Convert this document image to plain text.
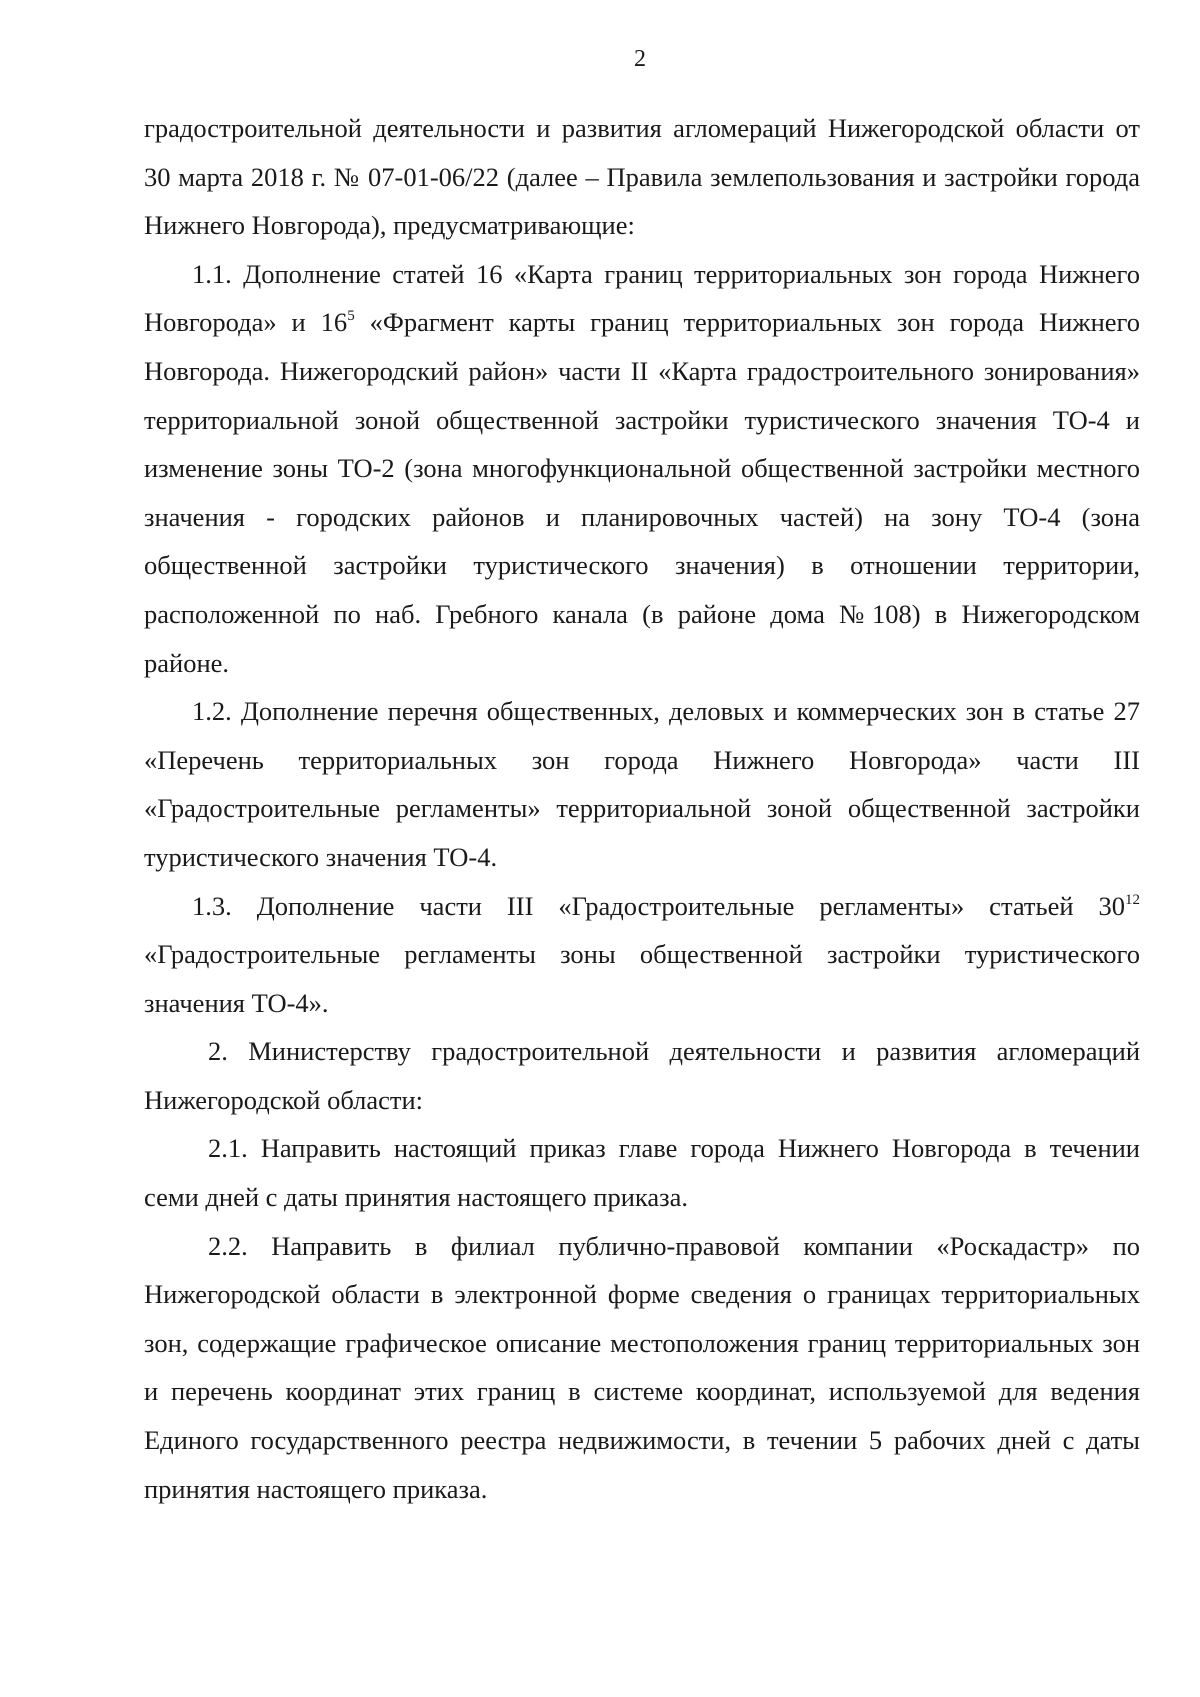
2

градостроительной деятельности и развития агломераций Нижегородской области от 30 марта 2018 г. № 07-01-06/22 (далее – Правила землепользования и застройки города Нижнего Новгорода), предусматривающие:

1.1. Дополнение статей 16 «Карта границ территориальных зон города Нижнего Новгорода» и $16^5$ «Фрагмент карты границ территориальных зон города Нижнего Новгорода. Нижегородский район» части II «Карта градостроительного зонирования» территориальной зоной общественной застройки туристического значения ТО-4 и изменение зоны ТО-2 (зона многофункциональной общественной застройки местного значения - городских районов и планировочных частей) на зону ТО-4 (зона общественной застройки туристического значения) в отношении территории, расположенной по наб. Гребного канала (в районе дома №108) в Нижегородском районе.

1.2. Дополнение перечня общественных, деловых и коммерческих зон в статье 27 «Перечень территориальных зон города Нижнего Новгорода» части III «Градостроительные регламенты» территориальной зоной общественной застройки туристического значения ТО-4.

1.3. Дополнение части III «Градостроительные регламенты» статьей $30^{12}$ «Градостроительные регламенты зоны общественной застройки туристического значения ТО-4».

2. Министерству градостроительной деятельности и развития агломераций Нижегородской области:

2.1. Направить настоящий приказ главе города Нижнего Новгорода в течении семи дней с даты принятия настоящего приказа.

2.2. Направить в филиал публично-правовой компании «Роскадастр» по Нижегородской области в электронной форме сведения о границах территориальных зон, содержащие графическое описание местоположения границ территориальных зон и перечень координат этих границ в системе координат, используемой для ведения Единого государственного реестра недвижимости, в течении 5 рабочих дней с даты принятия настоящего приказа.
